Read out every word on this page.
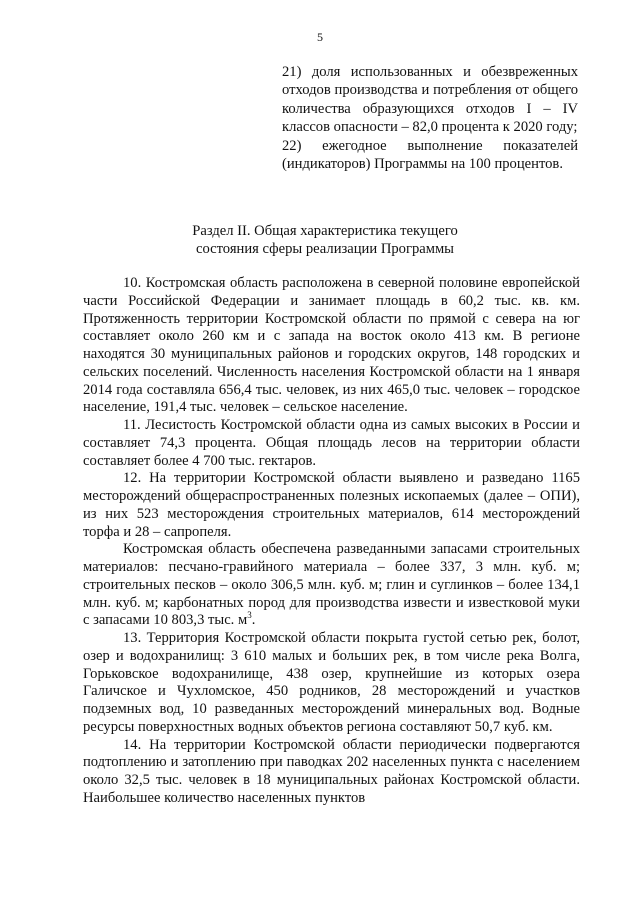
5

21) доля использованных и обезвреженных отходов производства и потребления от общего количества образующихся отходов I – IV классов опасности – 82,0 процента к 2020 году;

22) ежегодное выполнение показателей (индикаторов) Программы на 100 процентов.

Раздел II. Общая характеристика текущего
состояния сферы реализации Программы

10. Костромская область расположена в северной половине европейской части Российской Федерации и занимает площадь в 60,2 тыс. кв. км. Протяженность территории Костромской области по прямой с севера на юг составляет около 260 км и с запада на восток около 413 км. В регионе находятся 30 муниципальных районов и городских округов, 148 городских и сельских поселений. Численность населения Костромской области на 1 января 2014 года составляла 656,4 тыс. человек, из них 465,0 тыс. человек – городское население, 191,4 тыс. человек – сельское население.

11. Лесистость Костромской области одна из самых высоких в России и составляет 74,3 процента. Общая площадь лесов на территории области составляет более 4 700 тыс. гектаров.

12. На территории Костромской области выявлено и разведано 1165 месторождений общераспространенных полезных ископаемых (далее – ОПИ), из них 523 месторождения строительных материалов, 614 месторождений торфа и 28 – сапропеля.

Костромская область обеспечена разведанными запасами строительных материалов: песчано-гравийного материала – более 337, 3 млн. куб. м; строительных песков – около 306,5 млн. куб. м; глин и суглинков – более 134,1 млн. куб. м; карбонатных пород для производства извести и известковой муки с запасами 10 803,3 тыс. $м^3$.

13. Территория Костромской области покрыта густой сетью рек, болот, озер и водохранилищ: 3 610 малых и больших рек, в том числе река Волга, Горьковское водохранилище, 438 озер, крупнейшие из которых озера Галичское и Чухломское, 450 родников, 28 месторождений и участков подземных вод, 10 разведанных месторождений минеральных вод. Водные ресурсы поверхностных водных объектов региона составляют 50,7 куб. км.

14. На территории Костромской области периодически подвергаются подтоплению и затоплению при паводках 202 населенных пункта с населением около 32,5 тыс. человек в 18 муниципальных районах Костромской области. Наибольшее количество населенных пунктов
